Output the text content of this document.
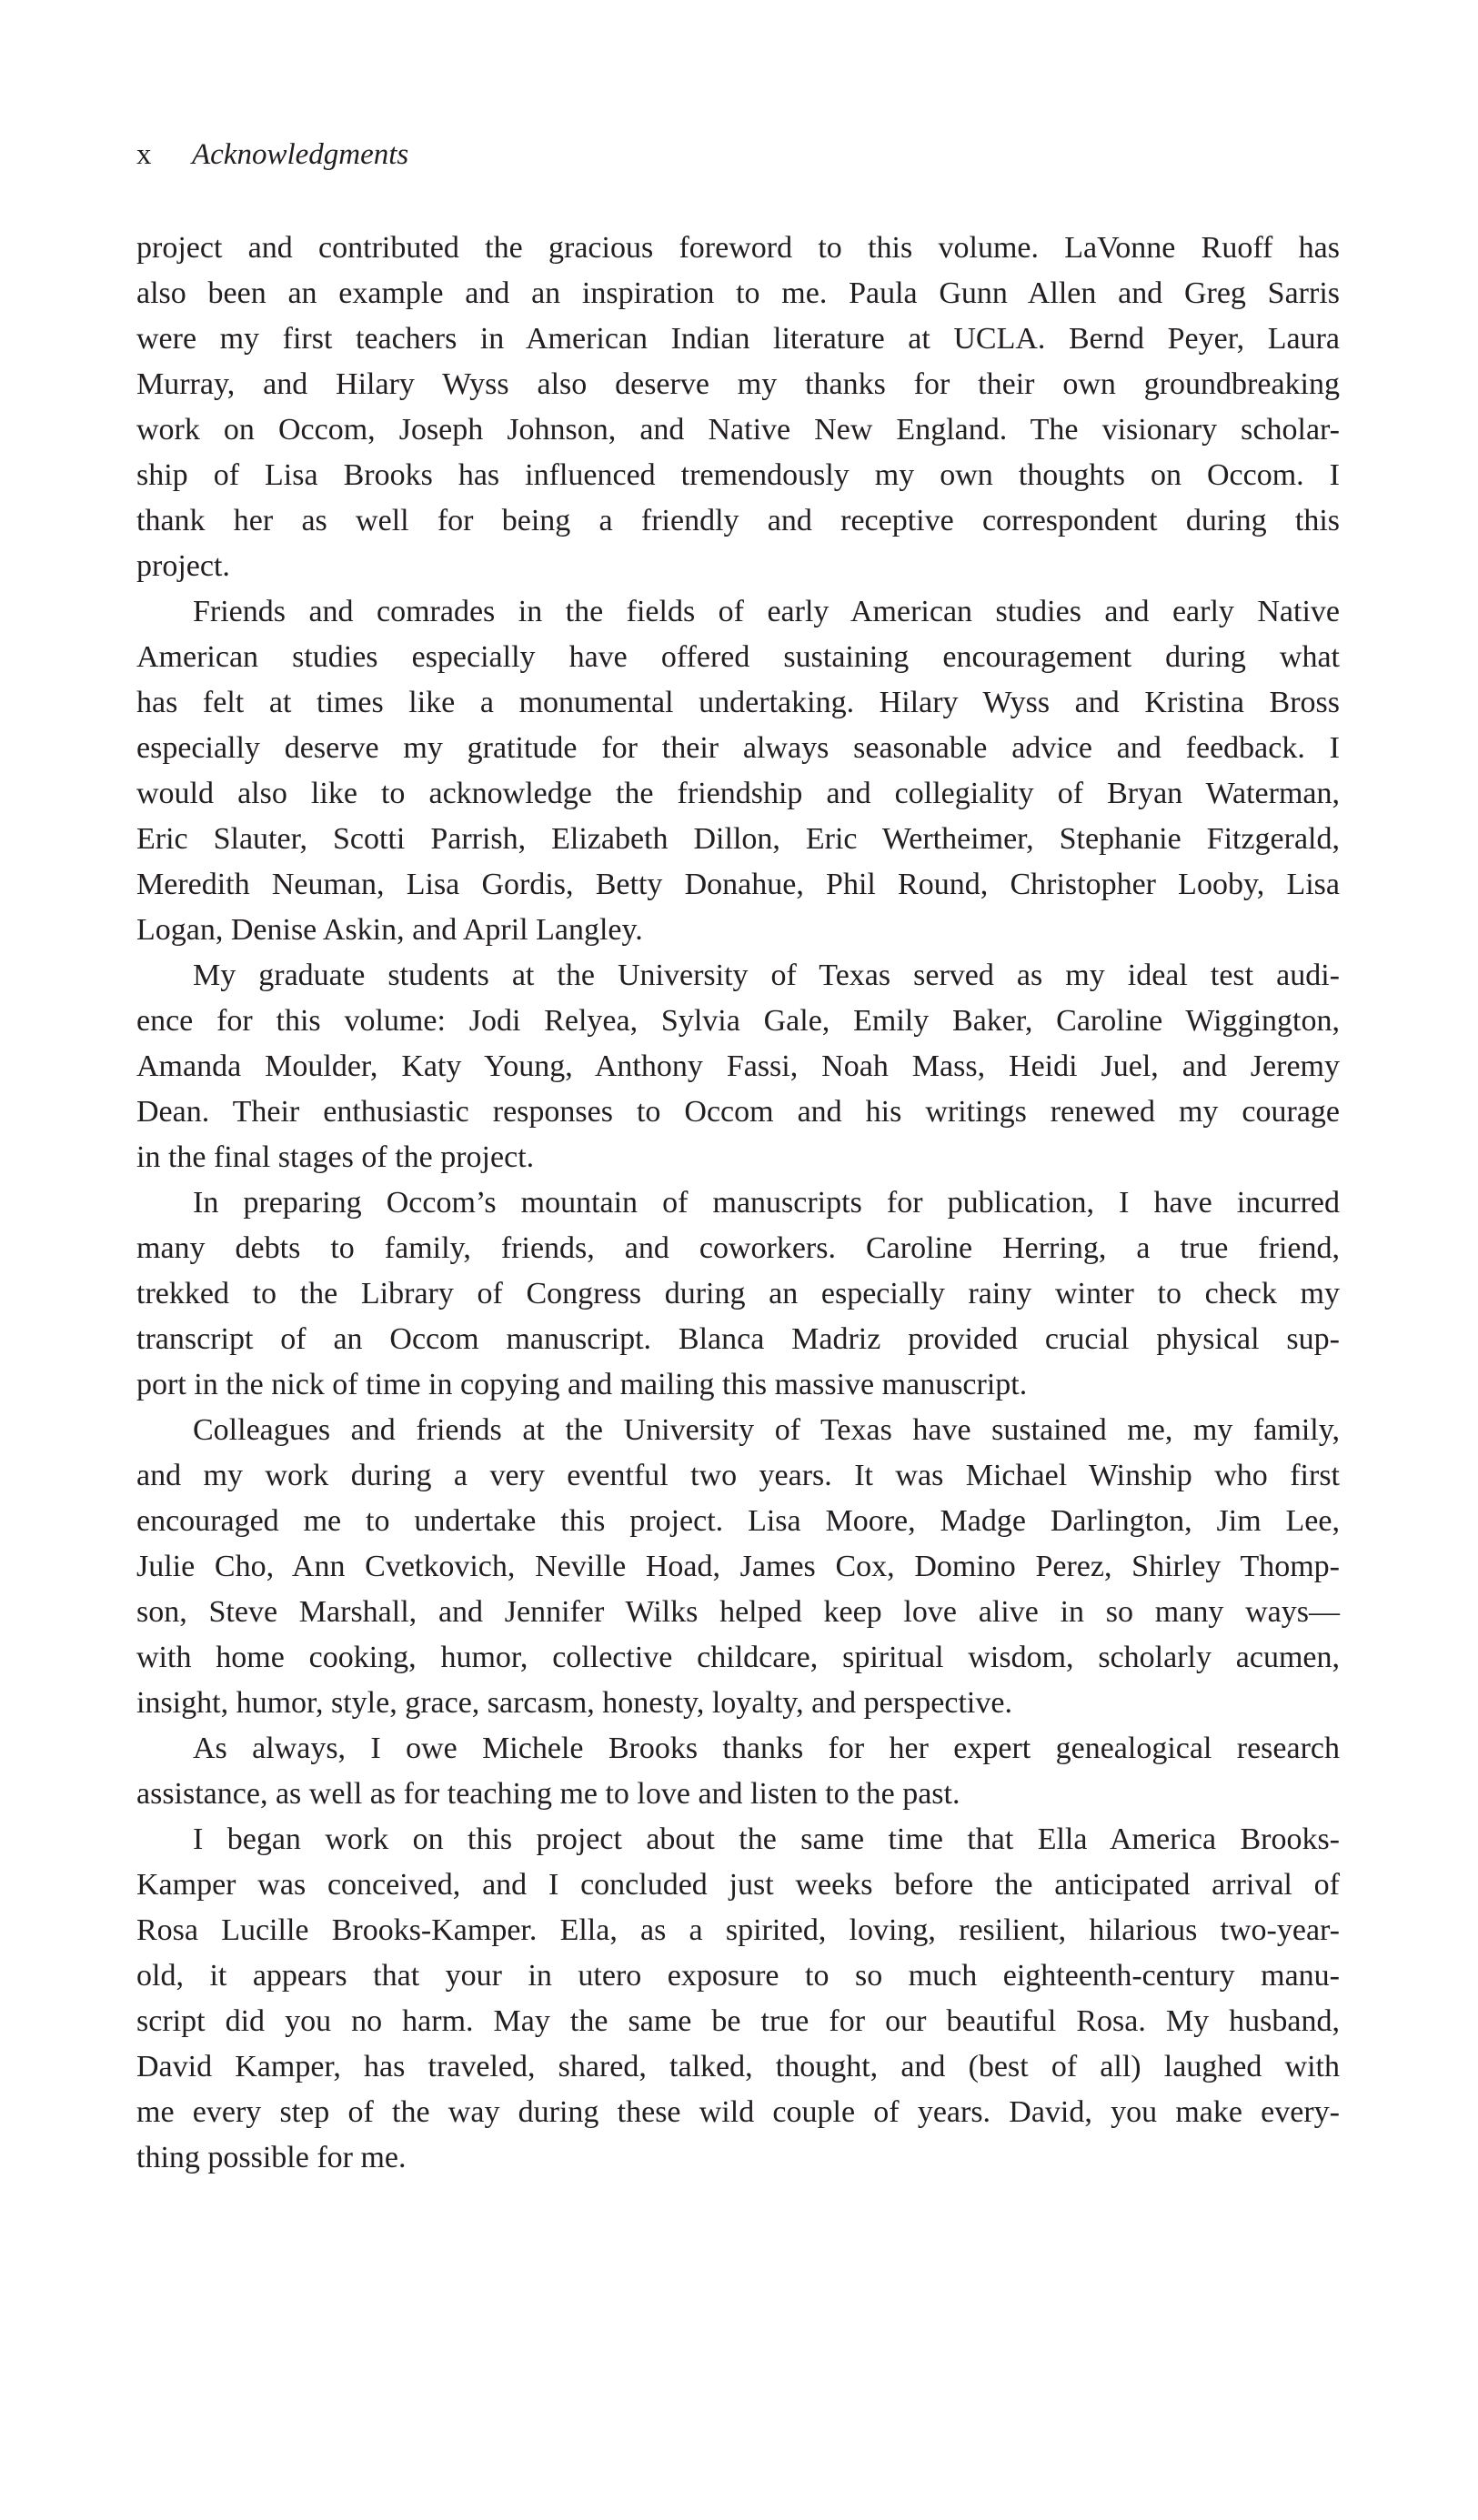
x Acknowledgments
project and contributed the gracious foreword to this volume. LaVonne Ruoff has
also been an example and an inspiration to me. Paula Gunn Allen and Greg Sarris
were my first teachers in American Indian literature at UCLA. Bernd Peyer, Laura
Murray, and Hilary Wyss also deserve my thanks for their own groundbreaking
work on Occom, Joseph Johnson, and Native New England. The visionary scholar-
ship of Lisa Brooks has influenced tremendously my own thoughts on Occom. I
thank her as well for being a friendly and receptive correspondent during this
project.
Friends and comrades in the fields of early American studies and early Native
American studies especially have offered sustaining encouragement during what
has felt at times like a monumental undertaking. Hilary Wyss and Kristina Bross
especially deserve my gratitude for their always seasonable advice and feedback. I
would also like to acknowledge the friendship and collegiality of Bryan Waterman,
Eric Slauter, Scotti Parrish, Elizabeth Dillon, Eric Wertheimer, Stephanie Fitzgerald,
Meredith Neuman, Lisa Gordis, Betty Donahue, Phil Round, Christopher Looby, Lisa
Logan, Denise Askin, and April Langley.
My graduate students at the University of Texas served as my ideal test audi-
ence for this volume: Jodi Relyea, Sylvia Gale, Emily Baker, Caroline Wiggington,
Amanda Moulder, Katy Young, Anthony Fassi, Noah Mass, Heidi Juel, and Jeremy
Dean. Their enthusiastic responses to Occom and his writings renewed my courage
in the final stages of the project.
In preparing Occom’s mountain of manuscripts for publication, I have incurred
many debts to family, friends, and coworkers. Caroline Herring, a true friend,
trekked to the Library of Congress during an especially rainy winter to check my
transcript of an Occom manuscript. Blanca Madriz provided crucial physical sup-
port in the nick of time in copying and mailing this massive manuscript.
Colleagues and friends at the University of Texas have sustained me, my family,
and my work during a very eventful two years. It was Michael Winship who first
encouraged me to undertake this project. Lisa Moore, Madge Darlington, Jim Lee,
Julie Cho, Ann Cvetkovich, Neville Hoad, James Cox, Domino Perez, Shirley Thomp-
son, Steve Marshall, and Jennifer Wilks helped keep love alive in so many ways—
with home cooking, humor, collective childcare, spiritual wisdom, scholarly acumen,
insight, humor, style, grace, sarcasm, honesty, loyalty, and perspective.
As always, I owe Michele Brooks thanks for her expert genealogical research
assistance, as well as for teaching me to love and listen to the past.
I began work on this project about the same time that Ella America Brooks-
Kamper was conceived, and I concluded just weeks before the anticipated arrival of
Rosa Lucille Brooks-Kamper. Ella, as a spirited, loving, resilient, hilarious two-year-
old, it appears that your in utero exposure to so much eighteenth-century manu-
script did you no harm. May the same be true for our beautiful Rosa. My husband,
David Kamper, has traveled, shared, talked, thought, and (best of all) laughed with
me every step of the way during these wild couple of years. David, you make every-
thing possible for me.
